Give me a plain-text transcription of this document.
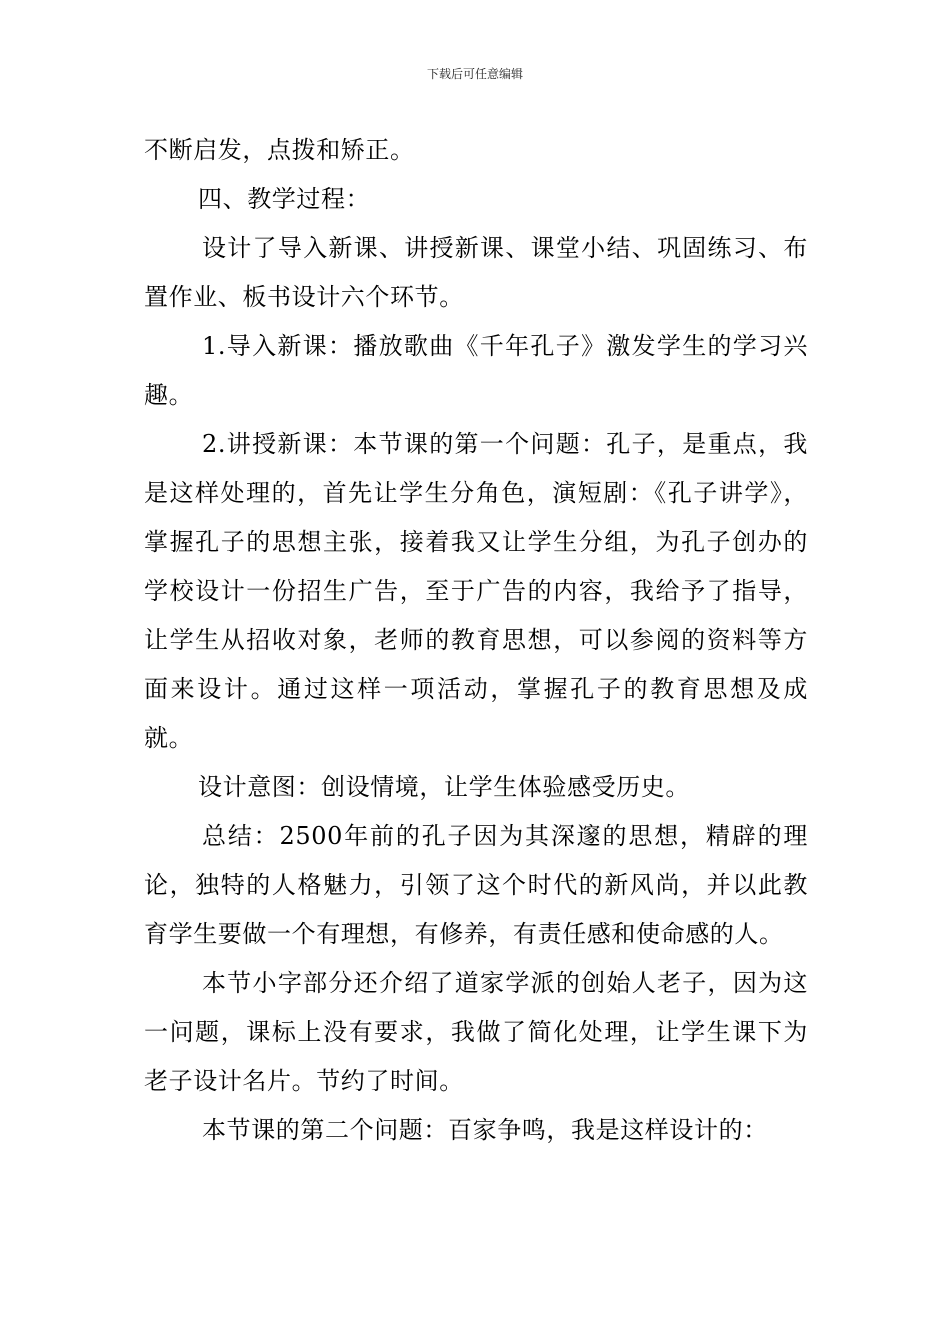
下载后可任意编辑

不断启发，点拨和矫正。

四、教学过程：

设计了导入新课、讲授新课、课堂小结、巩固练习、布置作业、板书设计六个环节。

1.导入新课：播放歌曲《千年孔子》激发学生的学习兴趣。

2.讲授新课：本节课的第一个问题：孔子，是重点，我是这样处理的，首先让学生分角色，演短剧：《孔子讲学》，掌握孔子的思想主张，接着我又让学生分组，为孔子创办的学校设计一份招生广告，至于广告的内容，我给予了指导，让学生从招收对象，老师的教育思想，可以参阅的资料等方面来设计。通过这样一项活动，掌握孔子的教育思想及成就。

设计意图：创设情境，让学生体验感受历史。

总结：2500年前的孔子因为其深邃的思想，精辟的理论，独特的人格魅力，引领了这个时代的新风尚，并以此教育学生要做一个有理想，有修养，有责任感和使命感的人。

本节小字部分还介绍了道家学派的创始人老子，因为这一问题，课标上没有要求，我做了简化处理，让学生课下为老子设计名片。节约了时间。

本节课的第二个问题：百家争鸣，我是这样设计的：
